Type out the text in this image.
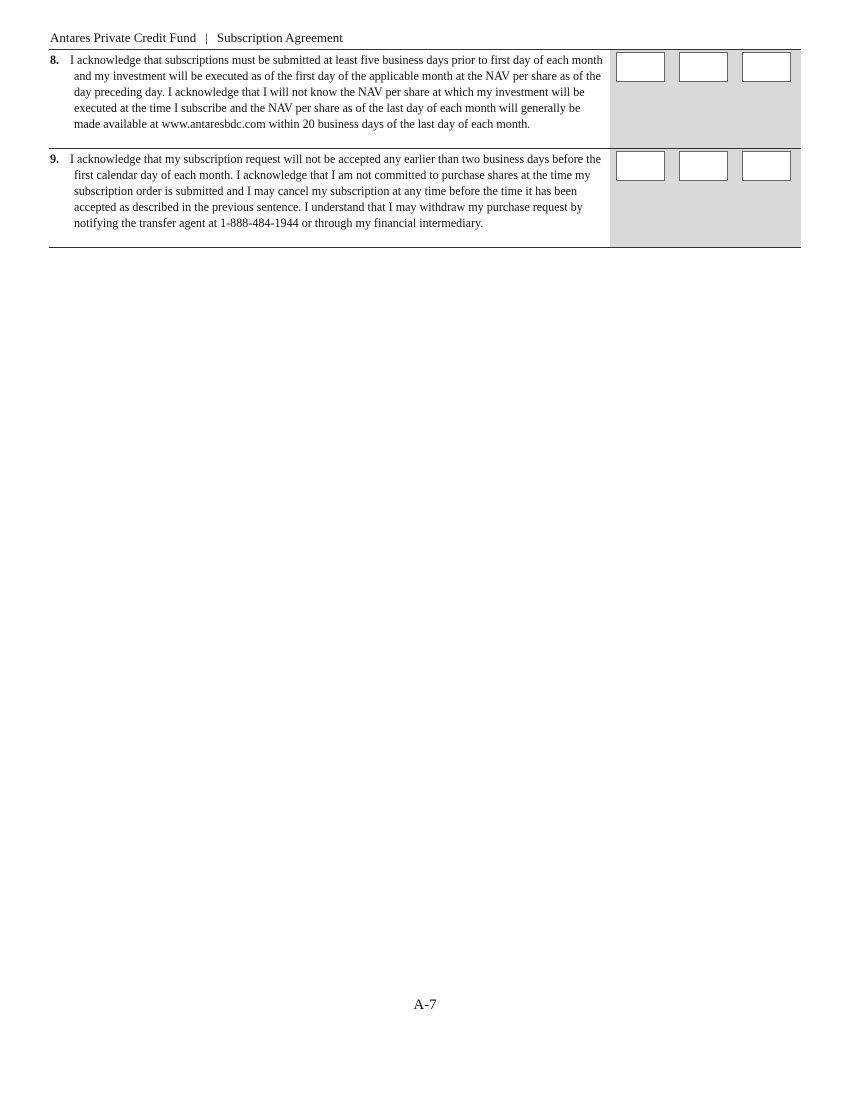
Antares Private Credit Fund | Subscription Agreement
8. I acknowledge that subscriptions must be submitted at least five business days prior to first day of each month and my investment will be executed as of the first day of the applicable month at the NAV per share as of the day preceding day. I acknowledge that I will not know the NAV per share at which my investment will be executed at the time I subscribe and the NAV per share as of the last day of each month will generally be made available at www.antaresbdc.com within 20 business days of the last day of each month.
9. I acknowledge that my subscription request will not be accepted any earlier than two business days before the first calendar day of each month. I acknowledge that I am not committed to purchase shares at the time my subscription order is submitted and I may cancel my subscription at any time before the time it has been accepted as described in the previous sentence. I understand that I may withdraw my purchase request by notifying the transfer agent at 1-888-484-1944 or through my financial intermediary.
A-7
